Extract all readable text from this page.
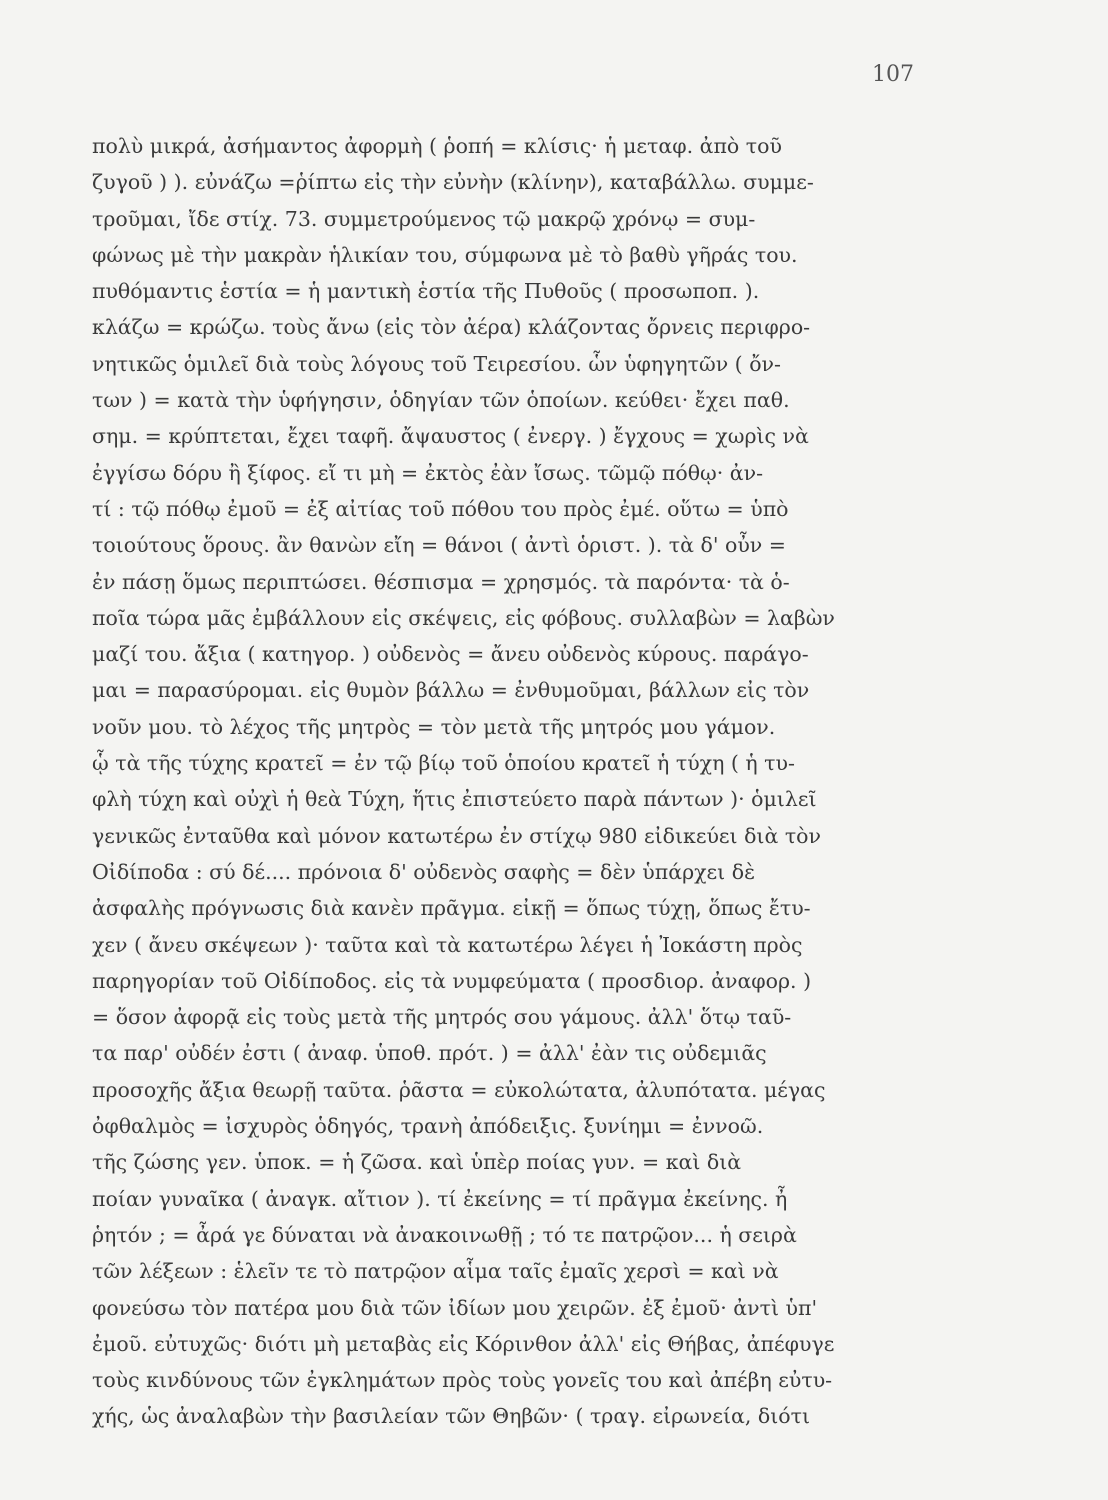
107
πολὺ μικρά, ἀσήμαντος ἀφορμὴ ( ῥοπή = κλίσις· ἡ μεταφ. ἀπὸ τοῦ
ζυγοῦ ) ). εὐνάζω =ῥίπτω εἰς τὴν εὐνὴν (κλίνην), καταβάλλω. συμμε-
τροῦμαι, ἴδε στίχ. 73. συμμετρούμενος τῷ μακρῷ χρόνῳ = συμ-
φώνως μὲ τὴν μακρὰν ἡλικίαν του, σύμφωνα μὲ τὸ βαθὺ γῆράς του.
πυθόμαντις ἑστία = ἡ μαντικὴ ἑστία τῆς Πυθοῦς ( προσωποπ. ).
κλάζω = κρώζω. τοὺς ἄνω (εἰς τὸν ἀέρα) κλάζοντας ὄρνεις περιφρο-
νητικῶς ὁμιλεῖ διὰ τοὺς λόγους τοῦ Τειρεσίου. ὧν ὑφηγητῶν ( ὄν-
των ) = κατὰ τὴν ὑφήγησιν, ὁδηγίαν τῶν ὁποίων. κεύθει· ἔχει παθ.
σημ. = κρύπτεται, ἔχει ταφῆ. ἄψαυστος ( ἐνεργ. ) ἔγχους = χωρὶς νὰ
ἐγγίσω δόρυ ἢ ξίφος. εἴ τι μὴ = ἐκτὸς ἐὰν ἴσως. τῶμῷ πόθῳ· ἀν-
τί : τῷ πόθῳ ἐμοῦ = ἐξ αἰτίας τοῦ πόθου του πρὸς ἐμέ. οὕτω = ὑπὸ
τοιούτους ὅρους. ἂν θανὼν εἴη = θάνοι ( ἀντὶ ὁριστ. ). τὰ δ' οὖν =
ἐν πάσῃ ὅμως περιπτώσει. θέσπισμα = χρησμός. τὰ παρόντα· τὰ ὁ-
ποῖα τώρα μᾶς ἐμβάλλουν εἰς σκέψεις, εἰς φόβους. συλλαβὼν = λαβὼν
μαζί του. ἄξια ( κατηγορ. ) οὐδενὸς = ἄνευ οὐδενὸς κύρους. παράγο-
μαι = παρασύρομαι. εἰς θυμὸν βάλλω = ἐνθυμοῦμαι, βάλλων εἰς τὸν
νοῦν μου. τὸ λέχος τῆς μητρὸς = τὸν μετὰ τῆς μητρός μου γάμον.
ᾧ τὰ τῆς τύχης κρατεῖ = ἐν τῷ βίῳ τοῦ ὁποίου κρατεῖ ἡ τύχη ( ἡ τυ-
φλὴ τύχη καὶ οὐχὶ ἡ θεὰ Τύχη, ἥτις ἐπιστεύετο παρὰ πάντων )· ὁμιλεῖ
γενικῶς ἐνταῦθα καὶ μόνον κατωτέρω ἐν στίχῳ 980 εἰδικεύει διὰ τὸν
Οἰδίποδα : σύ δέ.... πρόνοια δ' οὐδενὸς σαφὴς = δὲν ὑπάρχει δὲ
ἀσφαλὴς πρόγνωσις διὰ κανὲν πρᾶγμα. εἰκῇ = ὅπως τύχῃ, ὅπως ἔτυ-
χεν ( ἄνευ σκέψεων )· ταῦτα καὶ τὰ κατωτέρω λέγει ἡ Ἰοκάστη πρὸς
παρηγορίαν τοῦ Οἰδίποδος. εἰς τὰ νυμφεύματα ( προσδιορ. ἀναφορ. )
= ὅσον ἀφορᾷ εἰς τοὺς μετὰ τῆς μητρός σου γάμους. ἀλλ' ὅτῳ ταῦ-
τα παρ' οὐδέν ἐστι ( ἀναφ. ὑποθ. πρότ. ) = ἀλλ' ἐὰν τις οὐδεμιᾶς
προσοχῆς ἄξια θεωρῇ ταῦτα. ῥᾶστα = εὐκολώτατα, ἀλυπότατα. μέγας
ὀφθαλμὸς = ἰσχυρὸς ὁδηγός, τρανὴ ἀπόδειξις. ξυνίημι = ἐννοῶ.
τῆς ζώσης γεν. ὑποκ. = ἡ ζῶσα. καὶ ὑπὲρ ποίας γυν. = καὶ διὰ
ποίαν γυναῖκα ( ἀναγκ. αἴτιον ). τί ἐκείνης = τί πρᾶγμα ἐκείνης. ἦ
ῥητόν ; = ἆρά γε δύναται νὰ ἀνακοινωθῇ ; τό τε πατρῷον... ἡ σειρὰ
τῶν λέξεων : ἑλεῖν τε τὸ πατρῷον αἷμα ταῖς ἐμαῖς χερσὶ = καὶ νὰ
φονεύσω τὸν πατέρα μου διὰ τῶν ἰδίων μου χειρῶν. ἐξ ἐμοῦ· ἀντὶ ὑπ'
ἐμοῦ. εὐτυχῶς· διότι μὴ μεταβὰς εἰς Κόρινθον ἀλλ' εἰς Θήβας, ἀπέφυγε
τοὺς κινδύνους τῶν ἐγκλημάτων πρὸς τοὺς γονεῖς του καὶ ἀπέβη εὐτυ-
χής, ὡς ἀναλαβὼν τὴν βασιλείαν τῶν Θηβῶν· ( τραγ. εἰρωνεία, διότι
